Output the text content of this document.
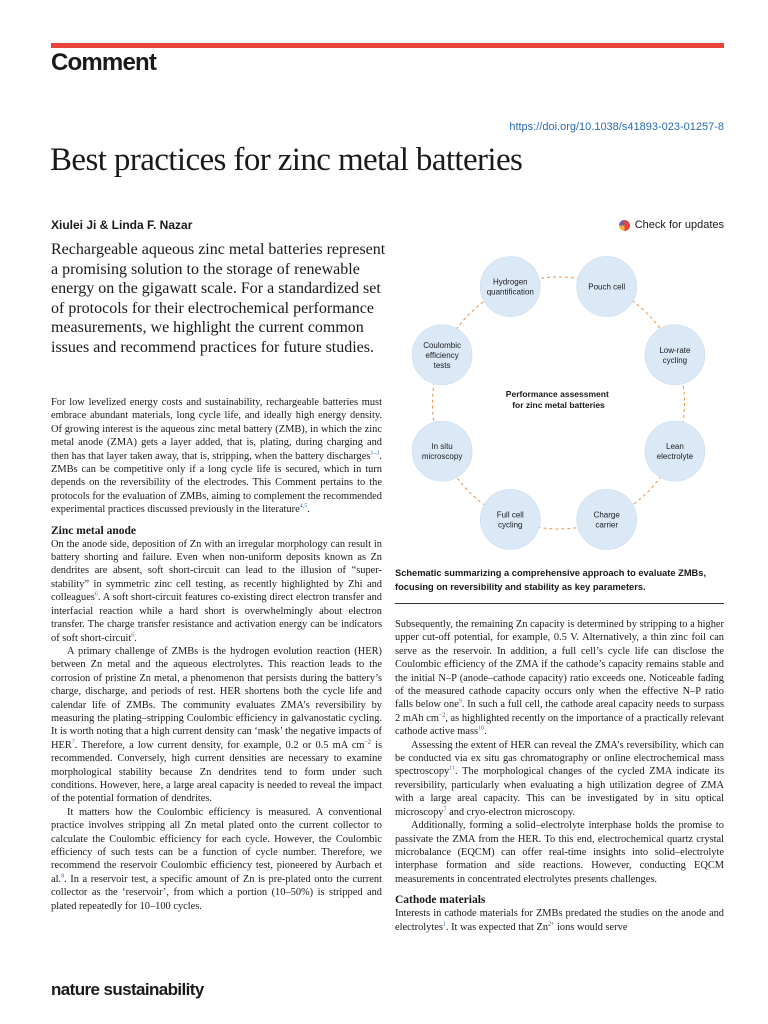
Comment
https://doi.org/10.1038/s41893-023-01257-8
Best practices for zinc metal batteries
Xiulei Ji & Linda F. Nazar	Check for updates

Rechargeable aqueous zinc metal batteries represent a promising solution to the storage of renewable energy on the gigawatt scale. For a standardized set of protocols for their electrochemical performance measurements, we highlight the current common issues and recommend practices for future studies.

Performance assessment for zinc metal batteries
Hydrogen quantification
Pouch cell
Low-rate cycling
Lean electrolyte
Charge carrier
Full cell cycling
In situ microscopy
Coulombic efficiency tests

Schematic summarizing a comprehensive approach to evaluate ZMBs, focusing on reversibility and stability as key parameters.

For low levelized energy costs and sustainability, rechargeable batteries must embrace abundant materials, long cycle life, and ideally high energy density. Of growing interest is the aqueous zinc metal battery (ZMB), in which the zinc metal anode (ZMA) gets a layer added, that is, plating, during charging and then has that layer taken away, that is, stripping, when the battery discharges$^{1-3}$. ZMBs can be competitive only if a long cycle life is secured, which in turn depends on the reversibility of the electrodes. This Comment pertains to the protocols for the evaluation of ZMBs, aiming to complement the recommended experimental practices discussed previously in the literature$^{4,5}$.

Zinc metal anode

On the anode side, deposition of Zn with an irregular morphology can result in battery shorting and failure. Even when non-uniform deposits known as Zn dendrites are absent, soft short-circuit can lead to the illusion of “super-stability” in symmetric zinc cell testing, as recently highlighted by Zhi and colleagues$^6$. A soft short-circuit features co-existing direct electron transfer and interfacial reaction while a hard short is overwhelmingly about electron transfer. The charge transfer resistance and activation energy can be indicators of soft short-circuit$^6$.

A primary challenge of ZMBs is the hydrogen evolution reaction (HER) between Zn metal and the aqueous electrolytes. This reaction leads to the corrosion of pristine Zn metal, a phenomenon that persists during the battery’s charge, discharge, and periods of rest. HER shortens both the cycle life and calendar life of ZMBs. The community evaluates ZMA’s reversibility by measuring the plating–stripping Coulombic efficiency in galvanostatic cycling. It is worth noting that a high current density can ‘mask’ the negative impacts of HER$^7$. Therefore, a low current density, for example, 0.2 or 0.5 mA $cm^{-2}$ is recommended. Conversely, high current densities are necessary to examine morphological stability because Zn dendrites tend to form under such conditions. However, here, a large areal capacity is needed to reveal the impact of the potential formation of dendrites.

It matters how the Coulombic efficiency is measured. A conventional practice involves stripping all Zn metal plated onto the current collector to calculate the Coulombic efficiency for each cycle. However, the Coulombic efficiency of such tests can be a function of cycle number. Therefore, we recommend the reservoir Coulombic efficiency test, pioneered by Aurbach et al.$^8$. In a reservoir test, a specific amount of Zn is pre-plated onto the current collector as the ‘reservoir’, from which a portion (10–50%) is stripped and plated repeatedly for 10–100 cycles.

Subsequently, the remaining Zn capacity is determined by stripping to a higher upper cut-off potential, for example, 0.5 V. Alternatively, a thin zinc foil can serve as the reservoir. In addition, a full cell’s cycle life can disclose the Coulombic efficiency of the ZMA if the cathode’s capacity remains stable and the initial N–P (anode–cathode capacity) ratio exceeds one. Noticeable fading of the measured cathode capacity occurs only when the effective N–P ratio falls below one$^9$. In such a full cell, the cathode areal capacity needs to surpass 2 mAh $cm^{-2}$, as highlighted recently on the importance of a practically relevant cathode active mass$^{10}$.

Assessing the extent of HER can reveal the ZMA’s reversibility, which can be conducted via ex situ gas chromatography or online electrochemical mass spectroscopy$^{11}$. The morphological changes of the cycled ZMA indicate its reversibility, particularly when evaluating a high utilization degree of ZMA with a large areal capacity. This can be investigated by in situ optical microscopy$^7$ and cryo-electron microscopy.

Additionally, forming a solid–electrolyte interphase holds the promise to passivate the ZMA from the HER. To this end, electrochemical quartz crystal microbalance (EQCM) can offer real-time insights into solid–electrolyte interphase formation and side reactions. However, conducting EQCM measurements in concentrated electrolytes presents challenges.

Cathode materials

Interests in cathode materials for ZMBs predated the studies on the anode and electrolytes$^1$. It was expected that $Zn^{2+}$ ions would serve

nature sustainability
